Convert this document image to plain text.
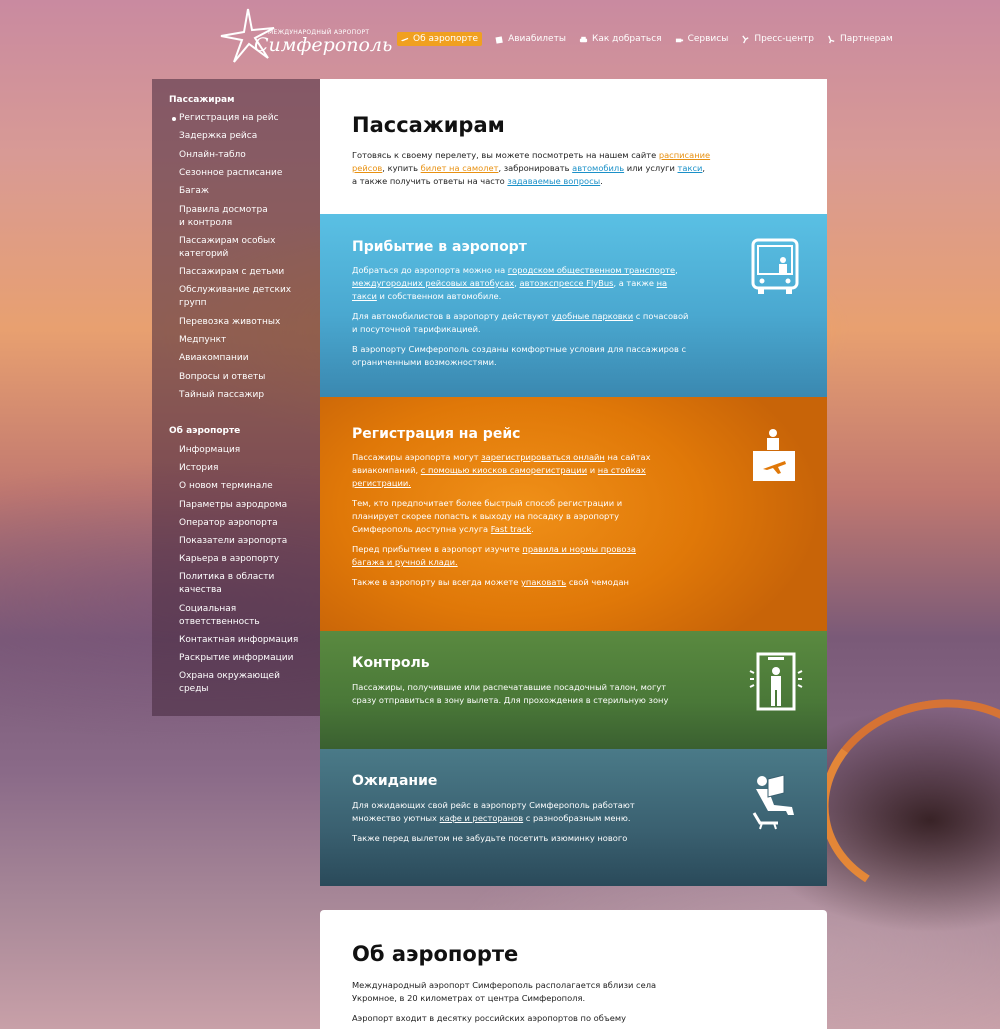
МЕЖДУНАРОДНЫЙ АЭРОПОРТ
Симферополь Об аэропорте	Авиабилеты	Как добраться	Сервисы	Пресс-центр	Партнерам
Пассажирам
Регистрация на рейс
Задержка рейса
Онлайн-табло
Сезонное расписание
Багаж
Правила досмотра
и контроля
Пассажирам особых
категорий
Пассажирам с детьми
Обслуживание детских
групп
Перевозка животных
Медпункт
Авиакомпании
Вопросы и ответы
Тайный пассажир
Об аэропорте
Информация
История
О новом терминале
Параметры аэродрома
Оператор аэропорта
Показатели аэропорта
Карьера в аэропорту
Политика в области
качества
Социальная
ответственность
Контактная информация
Раскрытие информации
Охрана окружающей
среды
Пассажирам

Готовясь к своему перелету, вы можете посмотреть на нашем сайте расписание рейсов, купить билет на самолет, забронировать автомобиль или услуги такси, а также получить ответы на часто задаваемые вопросы.

Прибытие в аэропорт

Добраться до аэропорта можно на городском общественном транспорте, междугородних рейсовых автобусах, автоэкспрессе FlyBus, а также на такси и собственном автомобиле.

Для автомобилистов в аэропорту действуют удобные парковки с почасовой и посуточной тарификацией.

В аэропорту Симферополь созданы комфортные условия для пассажиров с ограниченными возможностями.

Регистрация на рейс

Пассажиры аэропорта могут зарегистрироваться онлайн на сайтах авиакомпаний, с помощью киосков саморегистрации и на стойках регистрации.

Тем, кто предпочитает более быстрый способ регистрации и планирует скорее попасть к выходу на посадку в аэропорту Симферополь доступна услуга Fast track.

Перед прибытием в аэропорт изучите правила и нормы провоза багажа и ручной клади.

Также в аэропорту вы всегда можете упаковать свой чемодан

Контроль

Пассажиры, получившие или распечатавшие посадочный талон, могут сразу отправиться в зону вылета. Для прохождения в стерильную зону

Ожидание

Для ожидающих свой рейс в аэропорту Симферополь работают множество уютных кафе и ресторанов с разнообразным меню.

Также перед вылетом не забудьте посетить изюминку нового

Об аэропорте

Международный аэропорт Симферополь располагается вблизи села Укромное, в 20 километрах от центра Симферополя.

Аэропорт входит в десятку российских аэропортов по объему
